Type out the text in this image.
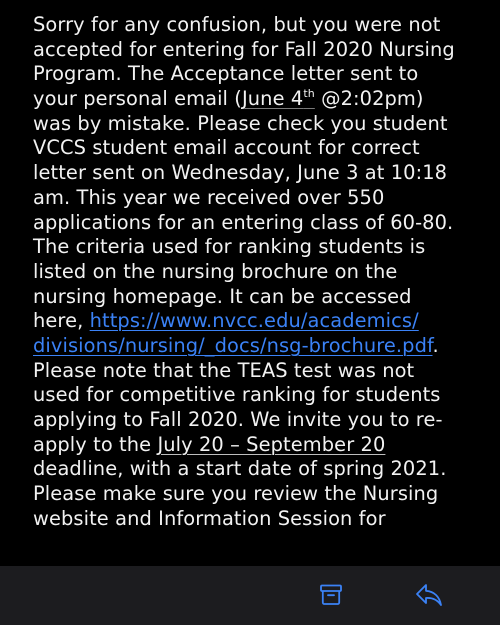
Sorry for any confusion, but you were not
accepted for entering for Fall 2020 Nursing
Program. The Acceptance letter sent to
your personal email (June 4th @2:02pm)
was by mistake. Please check you student
VCCS student email account for correct
letter sent on Wednesday, June 3 at 10:18
am. This year we received over 550
applications for an entering class of 60-80.
The criteria used for ranking students is
listed on the nursing brochure on the
nursing homepage. It can be accessed
here, https://www.nvcc.edu/academics/
divisions/nursing/_docs/nsg-brochure.pdf.
Please note that the TEAS test was not
used for competitive ranking for students
applying to Fall 2020. We invite you to re-
apply to the July 20 – September 20
deadline, with a start date of spring 2021.
Please make sure you review the Nursing
website and Information Session for
